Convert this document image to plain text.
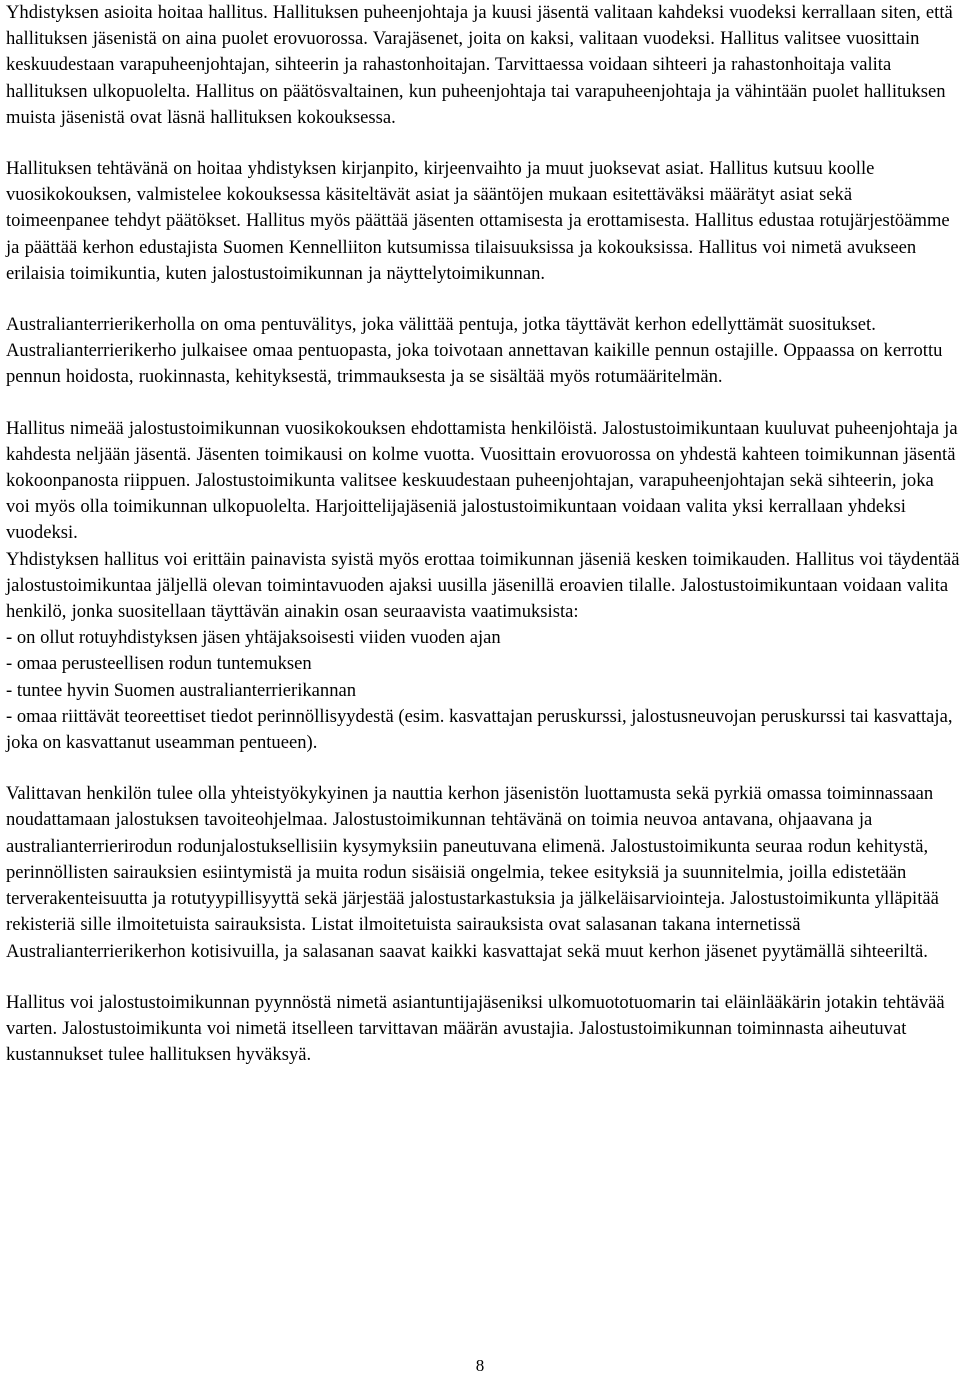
Yhdistyksen asioita hoitaa hallitus. Hallituksen puheenjohtaja ja kuusi jäsentä valitaan kahdeksi vuodeksi kerrallaan siten, että hallituksen jäsenistä on aina puolet erovuorossa. Varajäsenet, joita on kaksi, valitaan vuodeksi. Hallitus valitsee vuosittain keskuudestaan varapuheenjohtajan, sihteerin ja rahastonhoitajan. Tarvittaessa voidaan sihteeri ja rahastonhoitaja valita hallituksen ulkopuolelta. Hallitus on päätösvaltainen, kun puheenjohtaja tai varapuheenjohtaja ja vähintään puolet hallituksen muista jäsenistä ovat läsnä hallituksen kokouksessa.

Hallituksen tehtävänä on hoitaa yhdistyksen kirjanpito, kirjeenvaihto ja muut juoksevat asiat. Hallitus kutsuu koolle vuosikokouksen, valmistelee kokouksessa käsiteltävät asiat ja sääntöjen mukaan esitettäväksi määrätyt asiat sekä toimeenpanee tehdyt päätökset. Hallitus myös päättää jäsenten ottamisesta ja erottamisesta. Hallitus edustaa rotujärjestöämme ja päättää kerhon edustajista Suomen Kennelliiton kutsumissa tilaisuuksissa ja kokouksissa. Hallitus voi nimetä avukseen erilaisia toimikuntia, kuten jalostustoimikunnan ja näyttelytoimikunnan.

Australianterrierikerholla on oma pentuvälitys, joka välittää pentuja, jotka täyttävät kerhon edellyttämät suositukset. Australianterrierikerho julkaisee omaa pentuopasta, joka toivotaan annettavan kaikille pennun ostajille. Oppaassa on kerrottu pennun hoidosta, ruokinnasta, kehityksestä, trimmauksesta ja se sisältää myös rotumääritelmän.

Hallitus nimeää jalostustoimikunnan vuosikokouksen ehdottamista henkilöistä. Jalostustoimikuntaan kuuluvat puheenjohtaja ja kahdesta neljään jäsentä. Jäsenten toimikausi on kolme vuotta. Vuosittain erovuorossa on yhdestä kahteen toimikunnan jäsentä kokoonpanosta riippuen. Jalostustoimikunta valitsee keskuudestaan puheenjohtajan, varapuheenjohtajan sekä sihteerin, joka voi myös olla toimikunnan ulkopuolelta. Harjoittelijajäseniä jalostustoimikuntaan voidaan valita yksi kerrallaan yhdeksi vuodeksi.

Yhdistyksen hallitus voi erittäin painavista syistä myös erottaa toimikunnan jäseniä kesken toimikauden. Hallitus voi täydentää jalostustoimikuntaa jäljellä olevan toimintavuoden ajaksi uusilla jäsenillä eroavien tilalle. Jalostustoimikuntaan voidaan valita henkilö, jonka suositellaan täyttävän ainakin osan seuraavista vaatimuksista:

- on ollut rotuyhdistyksen jäsen yhtäjaksoisesti viiden vuoden ajan
- omaa perusteellisen rodun tuntemuksen
- tuntee hyvin Suomen australianterrierikannan
- omaa riittävät teoreettiset tiedot perinnöllisyydestä (esim. kasvattajan peruskurssi, jalostusneuvojan peruskurssi tai kasvattaja, joka on kasvattanut useamman pentueen).

Valittavan henkilön tulee olla yhteistyökykyinen ja nauttia kerhon jäsenistön luottamusta sekä pyrkiä omassa toiminnassaan noudattamaan jalostuksen tavoiteohjelmaa. Jalostustoimikunnan tehtävänä on toimia neuvoa antavana, ohjaavana ja australianterrierirodun rodunjalostuksellisiin kysymyksiin paneutuvana elimenä. Jalostustoimikunta seuraa rodun kehitystä, perinnöllisten sairauksien esiintymistä ja muita rodun sisäisiä ongelmia, tekee esityksiä ja suunnitelmia, joilla edistetään terverakenteisuutta ja rotutyypillisyyttä sekä järjestää jalostustarkastuksia ja jälkeläisarviointeja. Jalostustoimikunta ylläpitää rekisteriä sille ilmoitetuista sairauksista. Listat ilmoitetuista sairauksista ovat salasanan takana internetissä Australianterrierikerhon kotisivuilla, ja salasanan saavat kaikki kasvattajat sekä muut kerhon jäsenet pyytämällä sihteeriltä.

Hallitus voi jalostustoimikunnan pyynnöstä nimetä asiantuntijajäseniksi ulkomuototuomarin tai eläinlääkärin jotakin tehtävää varten. Jalostustoimikunta voi nimetä itselleen tarvittavan määrän avustajia. Jalostustoimikunnan toiminnasta aiheutuvat kustannukset tulee hallituksen hyväksyä.

8
